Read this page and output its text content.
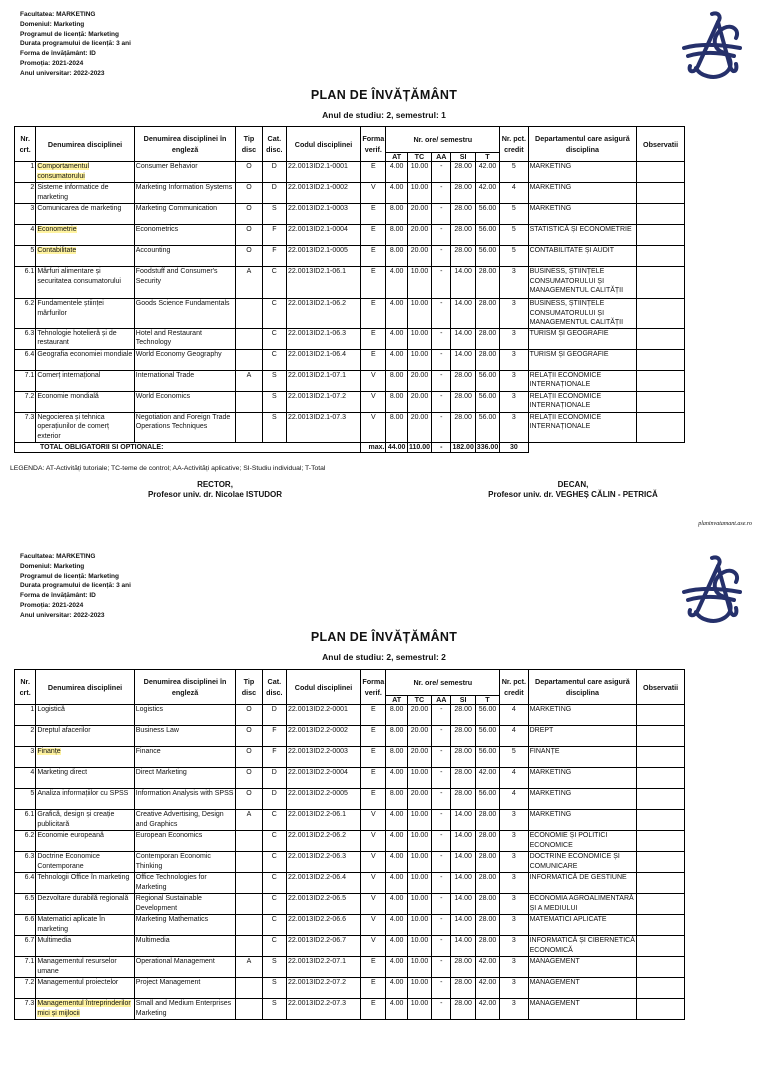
Facultatea: MARKETING
Domeniul: Marketing
Programul de licență: Marketing
Durata programului de licență: 3 ani
Forma de învățământ: ID
Promoția: 2021-2024
Anul universitar: 2022-2023
PLAN DE ÎNVĂȚĂMÂNT
Anul de studiu: 2, semestrul: 1
Nr. crt.	Denumirea disciplinei	Denumirea disciplinei în engleză	Tip disc	Cat. disc.	Codul disciplinei	Forma verif.	Nr. ore/ semestru					Nr. pct. credit	Departamentul care asigură disciplina	Observatii

							AT	TC	AA	SI	T			
1	Comportamentul consumatorului	Consumer Behavior	O	D	22.0013ID2.1-0001	E	4.00	10.00	-	28.00	42.00	5	MARKETING	
2	Sisteme informatice de marketing	Marketing Information Systems	O	D	22.0013ID2.1-0002	V	4.00	10.00	-	28.00	42.00	4	MARKETING	
3	Comunicarea de marketing	Marketing Communication	O	S	22.0013ID2.1-0003	E	8.00	20.00	-	28.00	56.00	5	MARKETING	
4	Econometrie	Econometrics	O	F	22.0013ID2.1-0004	E	8.00	20.00	-	28.00	56.00	5	STATISTICĂ ȘI ECONOMETRIE	
5	Contabilitate	Accounting	O	F	22.0013ID2.1-0005	E	8.00	20.00	-	28.00	56.00	5	CONTABILITATE ȘI AUDIT	
6.1	Mărfuri alimentare și securitatea consumatorului	Foodstuff and Consumer's Security	A	C	22.0013ID2.1-06.1	E	4.00	10.00	-	14.00	28.00	3	BUSINESS, ȘTIINȚELE CONSUMATORULUI ȘI MANAGEMENTUL CALITĂȚII	
6.2	Fundamentele științei mărfurilor	Goods Science Fundamentals		C	22.0013ID2.1-06.2	E	4.00	10.00	-	14.00	28.00	3	BUSINESS, ȘTIINȚELE CONSUMATORULUI ȘI MANAGEMENTUL CALITĂȚII	
6.3	Tehnologie hotelieră și de restaurant	Hotel and Restaurant Technology		C	22.0013ID2.1-06.3	E	4.00	10.00	-	14.00	28.00	3	TURISM ȘI GEOGRAFIE	
6.4	Geografia economiei mondiale	World Economy Geography		C	22.0013ID2.1-06.4	E	4.00	10.00	-	14.00	28.00	3	TURISM ȘI GEOGRAFIE	
7.1	Comerț internațional	International Trade	A	S	22.0013ID2.1-07.1	V	8.00	20.00	-	28.00	56.00	3	RELAȚII ECONOMICE INTERNAȚIONALE	
7.2	Economie mondială	World Economics		S	22.0013ID2.1-07.2	V	8.00	20.00	-	28.00	56.00	3	RELAȚII ECONOMICE INTERNAȚIONALE	
7.3	Negocierea și tehnica operațiunilor de comerț exterior	Negotiation and Foreign Trade Operations Techniques		S	22.0013ID2.1-07.3	V	8.00	20.00	-	28.00	56.00	3	RELAȚII ECONOMICE INTERNAȚIONALE	
TOTAL OBLIGATORII SI OPTIONALE:						max.	44.00	110.00	-	182.00	336.00	30		
LEGENDA: AT-Activități tutoriale; TC-teme de control; AA-Activități aplicative; SI-Studiu individual; T-Total
RECTOR,
Profesor univ. dr. Nicolae ISTUDOR
DECAN,
Profesor univ. dr. VEGHEȘ CĂLIN - PETRICĂ
planinvatamant.ase.ro
Facultatea: MARKETING
Domeniul: Marketing
Programul de licență: Marketing
Durata programului de licență: 3 ani
Forma de învățământ: ID
Promoția: 2021-2024
Anul universitar: 2022-2023
PLAN DE ÎNVĂȚĂMÂNT
Anul de studiu: 2, semestrul: 2
Nr. crt.	Denumirea disciplinei	Denumirea disciplinei în engleză	Tip disc	Cat. disc.	Codul disciplinei	Forma verif.	Nr. ore/ semestru					Nr. pct. credit	Departamentul care asigură disciplina	Observatii

							AT	TC	AA	SI	T			
1	Logistică	Logistics	O	D	22.0013ID2.2-0001	E	8.00	20.00	-	28.00	56.00	4	MARKETING	
2	Dreptul afacerilor	Business Law	O	F	22.0013ID2.2-0002	E	8.00	20.00	-	28.00	56.00	4	DREPT	
3	Finanțe	Finance	O	F	22.0013ID2.2-0003	E	8.00	20.00	-	28.00	56.00	5	FINANȚE	
4	Marketing direct	Direct Marketing	O	D	22.0013ID2.2-0004	E	4.00	10.00	-	28.00	42.00	4	MARKETING	
5	Analiza informațiilor cu SPSS	Information Analysis with SPSS	O	D	22.0013ID2.2-0005	E	8.00	20.00	-	28.00	56.00	4	MARKETING	
6.1	Grafică, design și creație publicitară	Creative Advertising, Design and Graphics	A	C	22.0013ID2.2-06.1	V	4.00	10.00	-	14.00	28.00	3	MARKETING	
6.2	Economie europeană	European Economics		C	22.0013ID2.2-06.2	V	4.00	10.00	-	14.00	28.00	3	ECONOMIE ȘI POLITICI ECONOMICE	
6.3	Doctrine Economice Contemporane	Contemporan Economic Thinking		C	22.0013ID2.2-06.3	V	4.00	10.00	-	14.00	28.00	3	DOCTRINE ECONOMICE ȘI COMUNICARE	
6.4	Tehnologii Office în marketing	Office Technologies for Marketing		C	22.0013ID2.2-06.4	V	4.00	10.00	-	14.00	28.00	3	INFORMATICĂ DE GESTIUNE	
6.5	Dezvoltare durabilă regională	Regional Sustainable Development		C	22.0013ID2.2-06.5	V	4.00	10.00	-	14.00	28.00	3	ECONOMIA AGROALIMENTARĂ ȘI A MEDIULUI	
6.6	Matematici aplicate în marketing	Marketing Mathematics		C	22.0013ID2.2-06.6	V	4.00	10.00	-	14.00	28.00	3	MATEMATICI APLICATE	
6.7	Multimedia	Multimedia		C	22.0013ID2.2-06.7	V	4.00	10.00	-	14.00	28.00	3	INFORMATICĂ ȘI CIBERNETICĂ ECONOMICĂ	
7.1	Managementul resurselor umane	Operational Management	A	S	22.0013ID2.2-07.1	E	4.00	10.00	-	28.00	42.00	3	MANAGEMENT	
7.2	Managementul proiectelor	Project Management		S	22.0013ID2.2-07.2	E	4.00	10.00	-	28.00	42.00	3	MANAGEMENT	
7.3	Managementul întreprinderilor mici și mijlocii	Small and Medium Enterprises Marketing		S	22.0013ID2.2-07.3	E	4.00	10.00	-	28.00	42.00	3	MANAGEMENT	
